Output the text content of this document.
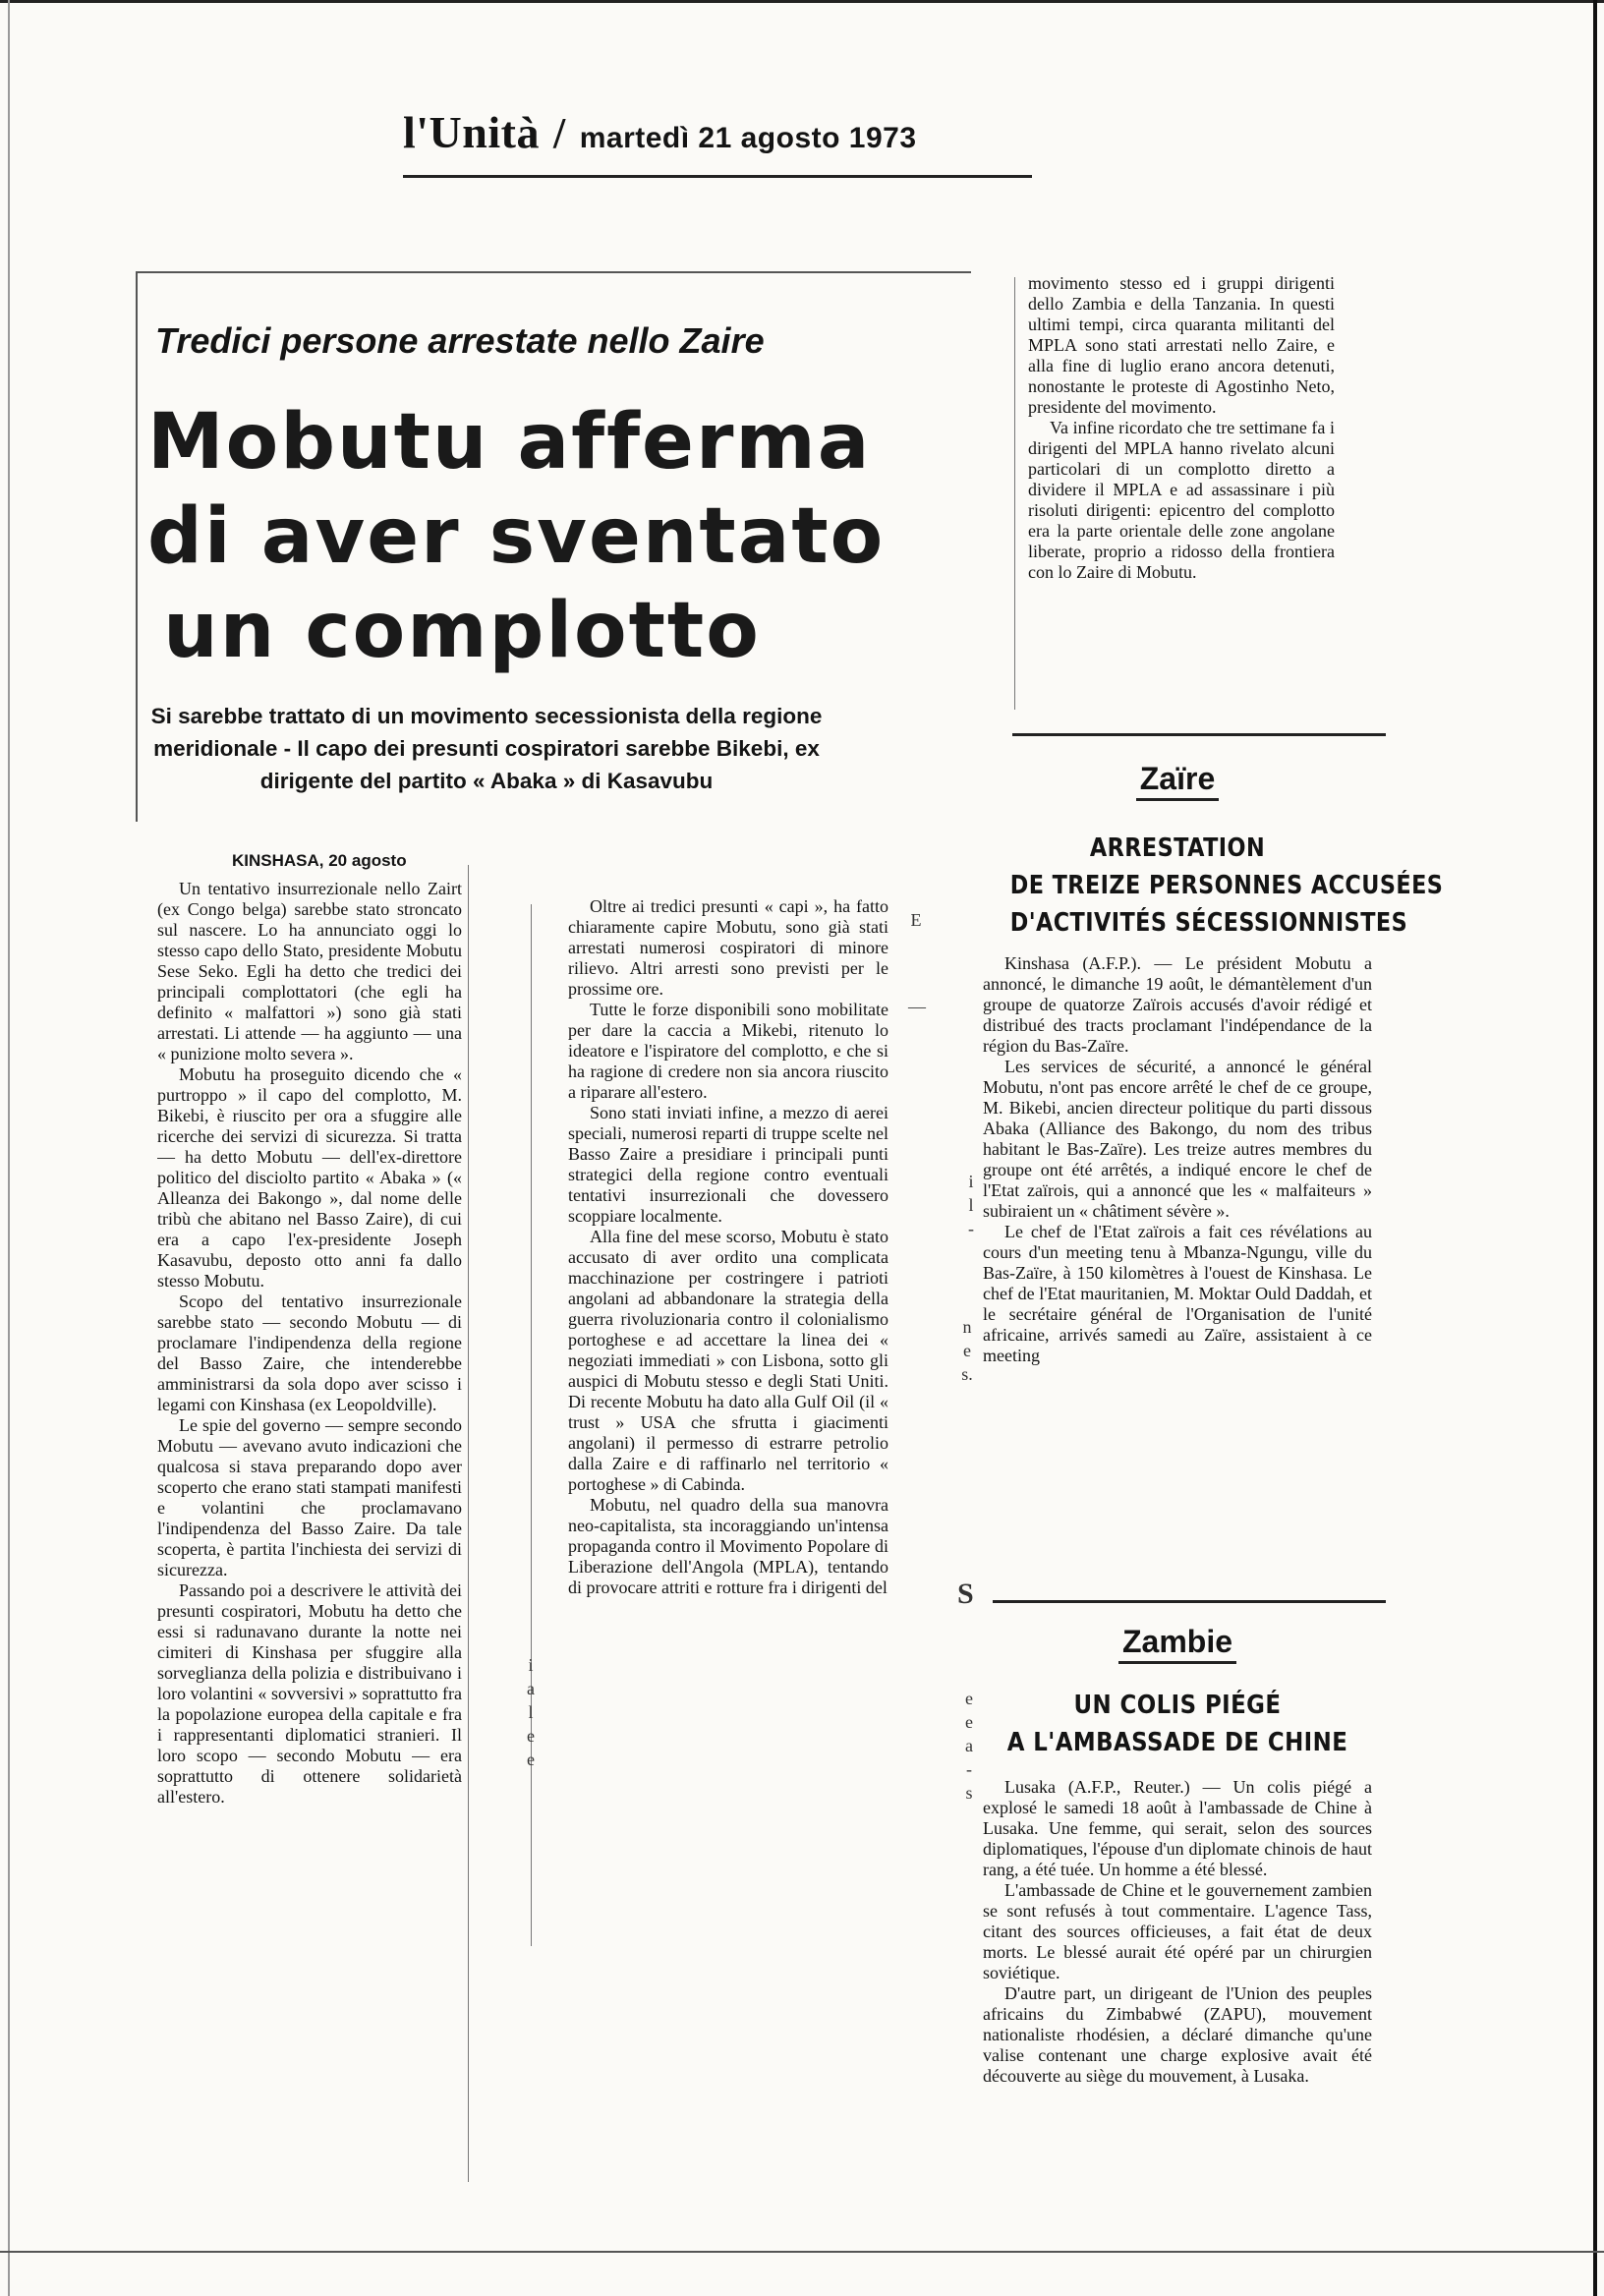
l'Unità / martedì 21 agosto 1973
Tredici persone arrestate nello Zaire
Mobutu afferma
di aver sventato
un complotto
Si sarebbe trattato di un movimento secessionista della regione meridionale - Il capo dei presunti cospiratori sarebbe Bikebi, ex dirigente del partito « Abaka » di Kasavubu
KINSHASA, 20 agosto

Un tentativo insurrezionale nello Zairt (ex Congo belga) sarebbe stato stroncato sul nascere. Lo ha annunciato oggi lo stesso capo dello Stato, presidente Mobutu Sese Seko. Egli ha detto che tredici dei principali complottatori (che egli ha definito « malfattori ») sono già stati arrestati. Li attende — ha aggiunto — una « punizione molto severa ».

Mobutu ha proseguito dicendo che « purtroppo » il capo del complotto, M. Bikebi, è riuscito per ora a sfuggire alle ricerche dei servizi di sicurezza. Si tratta — ha detto Mobutu — dell'ex-direttore politico del disciolto partito « Abaka » (« Alleanza dei Bakongo », dal nome delle tribù che abitano nel Basso Zaire), di cui era a capo l'ex-presidente Joseph Kasavubu, deposto otto anni fa dallo stesso Mobutu.

Scopo del tentativo insurrezionale sarebbe stato — secondo Mobutu — di proclamare l'indipendenza della regione del Basso Zaire, che intenderebbe amministrarsi da sola dopo aver scisso i legami con Kinshasa (ex Leopoldville).

Le spie del governo — sempre secondo Mobutu — avevano avuto indicazioni che qualcosa si stava preparando dopo aver scoperto che erano stati stampati manifesti e volantini che proclamavano l'indipendenza del Basso Zaire. Da tale scoperta, è partita l'inchiesta dei servizi di sicurezza.

Passando poi a descrivere le attività dei presunti cospiratori, Mobutu ha detto che essi si radunavano durante la notte nei cimiteri di Kinshasa per sfuggire alla sorveglianza della polizia e distribuivano i loro volantini « sovversivi » soprattutto fra la popolazione europea della capitale e fra i rappresentanti diplomatici stranieri. Il loro scopo — secondo Mobutu — era soprattutto di ottenere solidarietà all'estero.

Oltre ai tredici presunti « capi », ha fatto chiaramente capire Mobutu, sono già stati arrestati numerosi cospiratori di minore rilievo. Altri arresti sono previsti per le prossime ore.

Tutte le forze disponibili sono mobilitate per dare la caccia a Mikebi, ritenuto lo ideatore e l'ispiratore del complotto, e che si ha ragione di credere non sia ancora riuscito a riparare all'estero.

Sono stati inviati infine, a mezzo di aerei speciali, numerosi reparti di truppe scelte nel Basso Zaire a presidiare i principali punti strategici della regione contro eventuali tentativi insurrezionali che dovessero scoppiare localmente.

Alla fine del mese scorso, Mobutu è stato accusato di aver ordito una complicata macchinazione per costringere i patrioti angolani ad abbandonare la strategia della guerra rivoluzionaria contro il colonialismo portoghese e ad accettare la linea dei « negoziati immediati » con Lisbona, sotto gli auspici di Mobutu stesso e degli Stati Uniti. Di recente Mobutu ha dato alla Gulf Oil (il « trust » USA che sfrutta i giacimenti angolani) il permesso di estrarre petrolio dalla Zaire e di raffinarlo nel territorio « portoghese » di Cabinda.

Mobutu, nel quadro della sua manovra neo-capitalista, sta incoraggiando un'intensa propaganda contro il Movimento Popolare di Liberazione dell'Angola (MPLA), tentando di provocare attriti e rotture fra i dirigenti del

movimento stesso ed i gruppi dirigenti dello Zambia e della Tanzania. In questi ultimi tempi, circa quaranta militanti del MPLA sono stati arrestati nello Zaire, e alla fine di luglio erano ancora detenuti, nonostante le proteste di Agostinho Neto, presidente del movimento.

Va infine ricordato che tre settimane fa i dirigenti del MPLA hanno rivelato alcuni particolari di un complotto diretto a dividere il MPLA e ad assassinare i più risoluti dirigenti: epicentro del complotto era la parte orientale delle zone angolane liberate, proprio a ridosso della frontiera con lo Zaire di Mobutu.

E
—
i
l
-
n
e
s.
S
e
e
a
-
s
i
a
l
e
e
Zaïre
ARRESTATION
DE TREIZE PERSONNES ACCUSÉES
D'ACTIVITÉS SÉCESSIONNISTES

Kinshasa (A.F.P.). — Le président Mobutu a annoncé, le dimanche 19 août, le démantèlement d'un groupe de quatorze Zaïrois accusés d'avoir rédigé et distribué des tracts proclamant l'indépendance de la région du Bas-Zaïre.

Les services de sécurité, a annoncé le général Mobutu, n'ont pas encore arrêté le chef de ce groupe, M. Bikebi, ancien directeur politique du parti dissous Abaka (Alliance des Bakongo, du nom des tribus habitant le Bas-Zaïre). Les treize autres membres du groupe ont été arrêtés, a indiqué encore le chef de l'Etat zaïrois, qui a annoncé que les « malfaiteurs » subiraient un « châtiment sévère ».

Le chef de l'Etat zaïrois a fait ces révélations au cours d'un meeting tenu à Mbanza-Ngungu, ville du Bas-Zaïre, à 150 kilomètres à l'ouest de Kinshasa. Le chef de l'Etat mauritanien, M. Moktar Ould Daddah, et le secrétaire général de l'Organisation de l'unité africaine, arrivés samedi au Zaïre, assistaient à ce meeting

Zambie
UN COLIS PIÉGÉ
A L'AMBASSADE DE CHINE

Lusaka (A.F.P., Reuter.) — Un colis piégé a explosé le samedi 18 août à l'ambassade de Chine à Lusaka. Une femme, qui serait, selon des sources diplomatiques, l'épouse d'un diplomate chinois de haut rang, a été tuée. Un homme a été blessé.

L'ambassade de Chine et le gouvernement zambien se sont refusés à tout commentaire. L'agence Tass, citant des sources officieuses, a fait état de deux morts. Le blessé aurait été opéré par un chirurgien soviétique.

D'autre part, un dirigeant de l'Union des peuples africains du Zimbabwé (ZAPU), mouvement nationaliste rhodésien, a déclaré dimanche qu'une valise contenant une charge explosive avait été découverte au siège du mouvement, à Lusaka.
